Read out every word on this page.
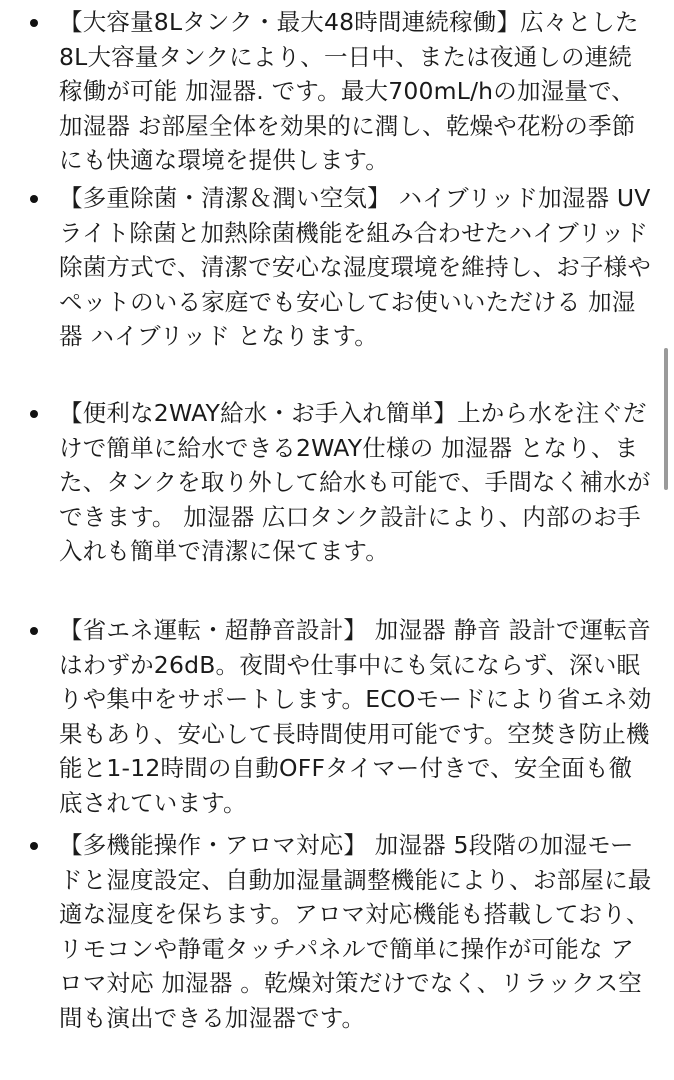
【大容量8Lタンク・最大48時間連続稼働】広々とした8L大容量タンクにより、一日中、または夜通しの連続稼働が可能 加湿器. です。最大700mL/hの加湿量で、 加湿器 お部屋全体を効果的に潤し、乾燥や花粉の季節にも快適な環境を提供します。
【多重除菌・清潔＆潤い空気】 ハイブリッド加湿器 UVライト除菌と加熱除菌機能を組み合わせたハイブリッド除菌方式で、清潔で安心な湿度環境を維持し、お子様やペットのいる家庭でも安心してお使いいただける 加湿器 ハイブリッド となります。
【便利な2WAY給水・お手入れ簡単】上から水を注ぐだけで簡単に給水できる2WAY仕様の 加湿器 となり、また、タンクを取り外して給水も可能で、手間なく補水ができます。 加湿器 広口タンク設計により、内部のお手入れも簡単で清潔に保てます。
【省エネ運転・超静音設計】 加湿器 静音 設計で運転音はわずか26dB。夜間や仕事中にも気にならず、深い眠りや集中をサポートします。ECOモードにより省エネ効果もあり、安心して長時間使用可能です。空焚き防止機能と1-12時間の自動OFFタイマー付きで、安全面も徹底されています。
【多機能操作・アロマ対応】 加湿器 5段階の加湿モードと湿度設定、自動加湿量調整機能により、お部屋に最適な湿度を保ちます。アロマ対応機能も搭載しており、リモコンや静電タッチパネルで簡単に操作が可能な アロマ対応 加湿器 。乾燥対策だけでなく、リラックス空間も演出できる加湿器です。
